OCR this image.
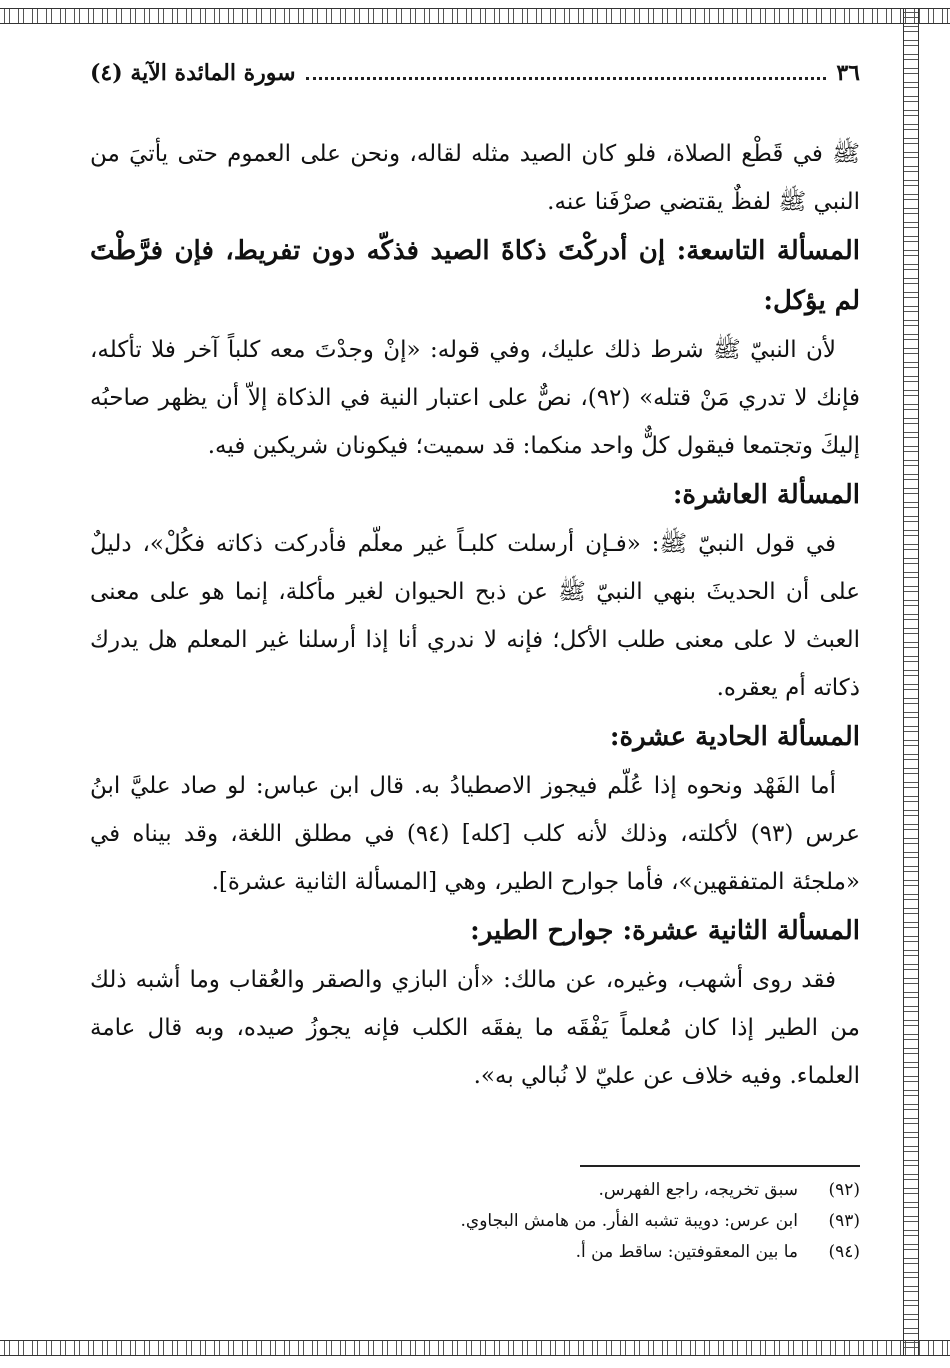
٣٦
سورة المائدة الآية (٤)

ﷺ في قَطْع الصلاة، فلو كان الصيد مثله لقاله، ونحن على العموم حتى يأتيَ من النبي ﷺ لفظٌ يقتضي صرْفَنا عنه.

المسألة التاسعة: إن أدركْتَ ذكاةَ الصيد فذكّه دون تفريط، فإن فرَّطْتَ لم يؤكل:

لأن النبيّ ﷺ شرط ذلك عليك، وفي قوله: «إنْ وجدْتَ معه كلباً آخر فلا تأكله، فإنك لا تدري مَنْ قتله» (٩٢)، نصٌّ على اعتبار النية في الذكاة إلاّ أن يظهر صاحبُه إليكَ وتجتمعا فيقول كلٌّ واحد منكما: قد سميت؛ فيكونان شريكين فيه.

المسألة العاشرة:

في قول النبيّ ﷺ: «فـإن أرسلت كلبـاً غير معلّم فأدركت ذكاته فكُلْ»، دليلٌ على أن الحديثَ بنهي النبيّ ﷺ عن ذبح الحيوان لغير مأكلة، إنما هو على معنى العبث لا على معنى طلب الأكل؛ فإنه لا ندري أنا إذا أرسلنا غير المعلم هل يدرك ذكاته أم يعقره.

المسألة الحادية عشرة:

أما الفَهْد ونحوه إذا عُلّم فيجوز الاصطيادُ به. قال ابن عباس: لو صاد عليَّ ابنُ عرس (٩٣) لأكلته، وذلك لأنه كلب [كله] (٩٤) في مطلق اللغة، وقد بيناه في «ملجئة المتفقهين»، فأما جوارح الطير، وهي [المسألة الثانية عشرة].

المسألة الثانية عشرة: جوارح الطير:

فقد روى أشهب، وغيره، عن مالك: «أن البازي والصقر والعُقاب وما أشبه ذلك من الطير إذا كان مُعلماً يَفْقَه ما يفقَه الكلب فإنه يجوزُ صيده، وبه قال عامة العلماء. وفيه خلاف عن عليّ لا نُبالي به».

(٩٢)
سبق تخريجه، راجع الفهرس.
(٩٣)
ابن عرس: دويبة تشبه الفأر. من هامش البجاوي.
(٩٤)
ما بين المعقوفتين: ساقط من أ.
